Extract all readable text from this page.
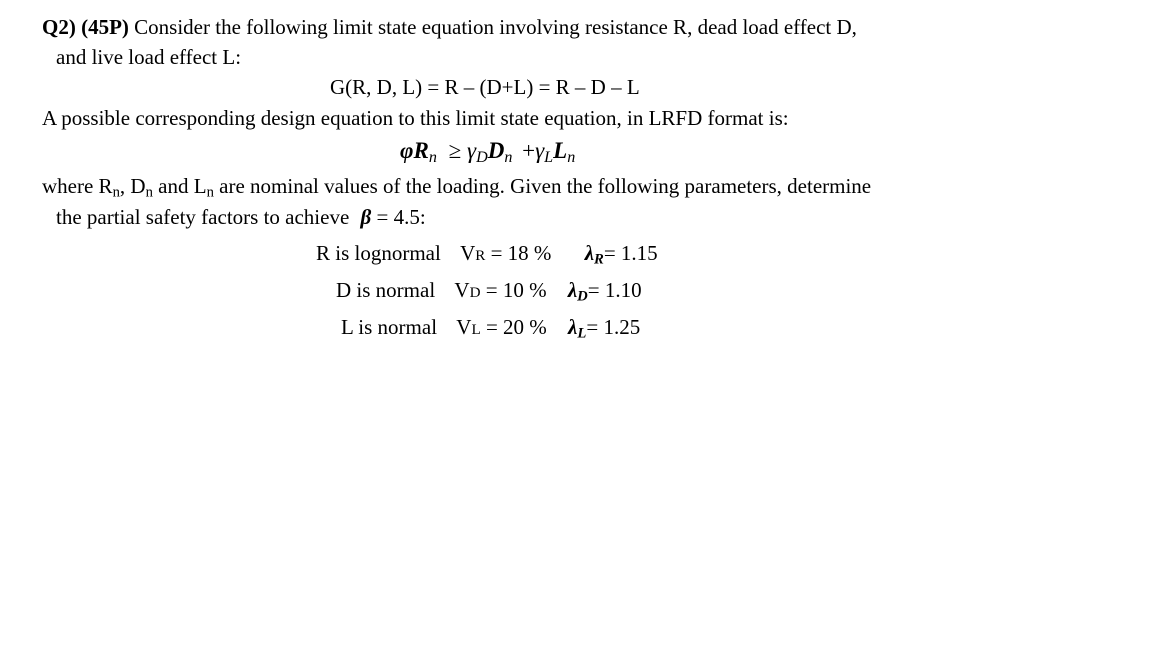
Q2) (45P) Consider the following limit state equation involving resistance R, dead load effect D,
and live load effect L:
G(R, D, L) = R – (D+L) = R – D – L
A possible corresponding design equation to this limit state equation, in LRFD format is:
$\varphi R_n \ge \gamma_DD_n +\gamma_LL_n$
where $R_n$, $D_n$ and $L_n$ are nominal values of the loading. Given the following parameters, determine
the partial safety factors to achieve β = 4.5:
R is lognormal VR = 18 % $\lambda_R= 1.15$
D is normal VD = 10 % $\lambda_D= 1.10$
L is normal VL = 20 % $\lambda_L= 1.25$
